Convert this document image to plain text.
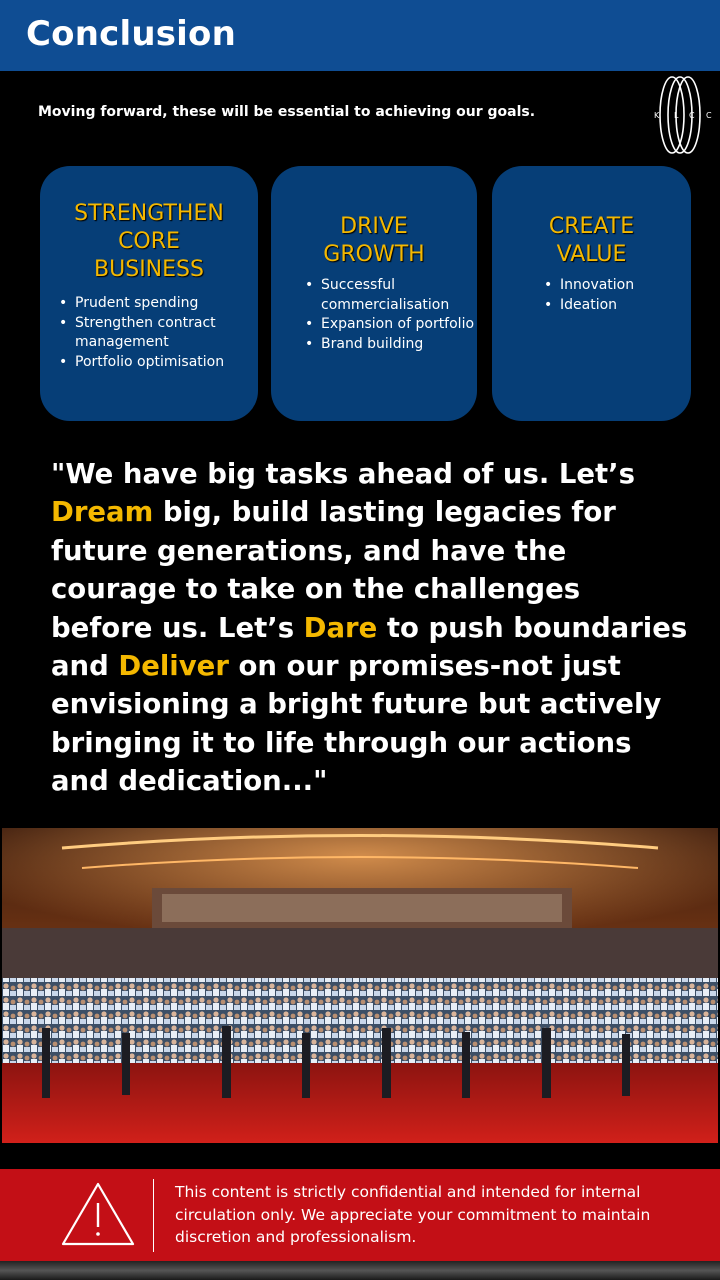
Conclusion
Moving forward, these will be essential to achieving our goals.	K L C C
STRENGTHEN
CORE
BUSINESS
• Prudent spending
• Strengthen contract management
• Portfolio optimisation
DRIVE
GROWTH
• Successful commercialisation
• Expansion of portfolio
• Brand building
CREATE
VALUE
• Innovation
• Ideation
"We have big tasks ahead of us. Let’s Dream big, build lasting legacies for future generations, and have the courage to take on the challenges before us. Let’s Dare to push boundaries and Deliver on our promises-not just envisioning a bright future but actively bringing it to life through our actions and dedication..."
This content is strictly confidential and intended for internal circulation only. We appreciate your commitment to maintain discretion and professionalism.
